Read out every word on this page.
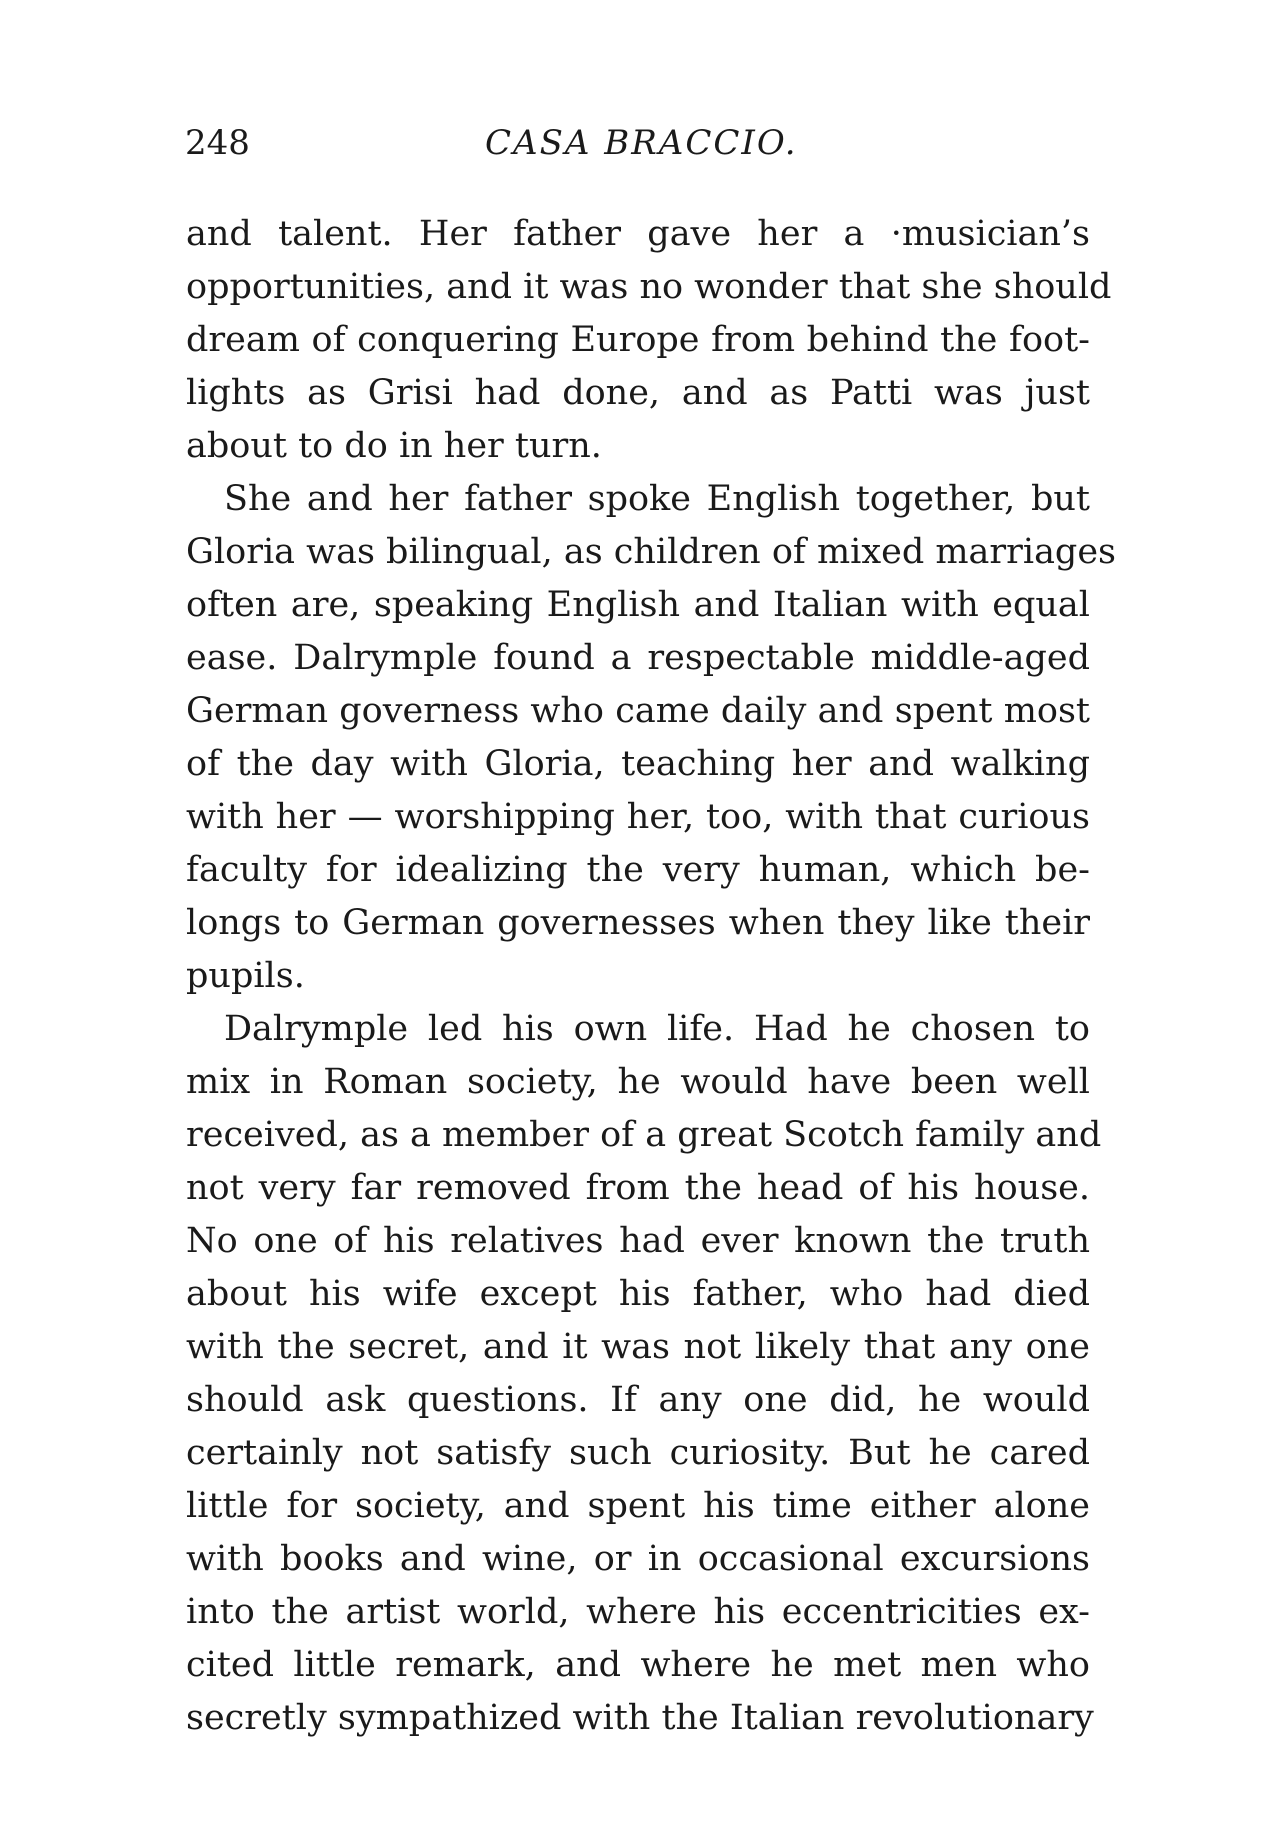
248	CASA BRACCIO.
and talent. Her father gave her a ·musician’s
opportunities, and it was no wonder that she should
dream of conquering Europe from behind the foot-
lights as Grisi had done, and as Patti was just
about to do in her turn.
She and her father spoke English together, but
Gloria was bilingual, as children of mixed marriages
often are, speaking English and Italian with equal
ease. Dalrymple found a respectable middle-aged
German governess who came daily and spent most
of the day with Gloria, teaching her and walking
with her — worshipping her, too, with that curious
faculty for idealizing the very human, which be-
longs to German governesses when they like their
pupils.
Dalrymple led his own life. Had he chosen to
mix in Roman society, he would have been well
received, as a member of a great Scotch family and
not very far removed from the head of his house.
No one of his relatives had ever known the truth
about his wife except his father, who had died
with the secret, and it was not likely that any one
should ask questions. If any one did, he would
certainly not satisfy such curiosity. But he cared
little for society, and spent his time either alone
with books and wine, or in occasional excursions
into the artist world, where his eccentricities ex-
cited little remark, and where he met men who
secretly sympathized with the Italian revolutionary
